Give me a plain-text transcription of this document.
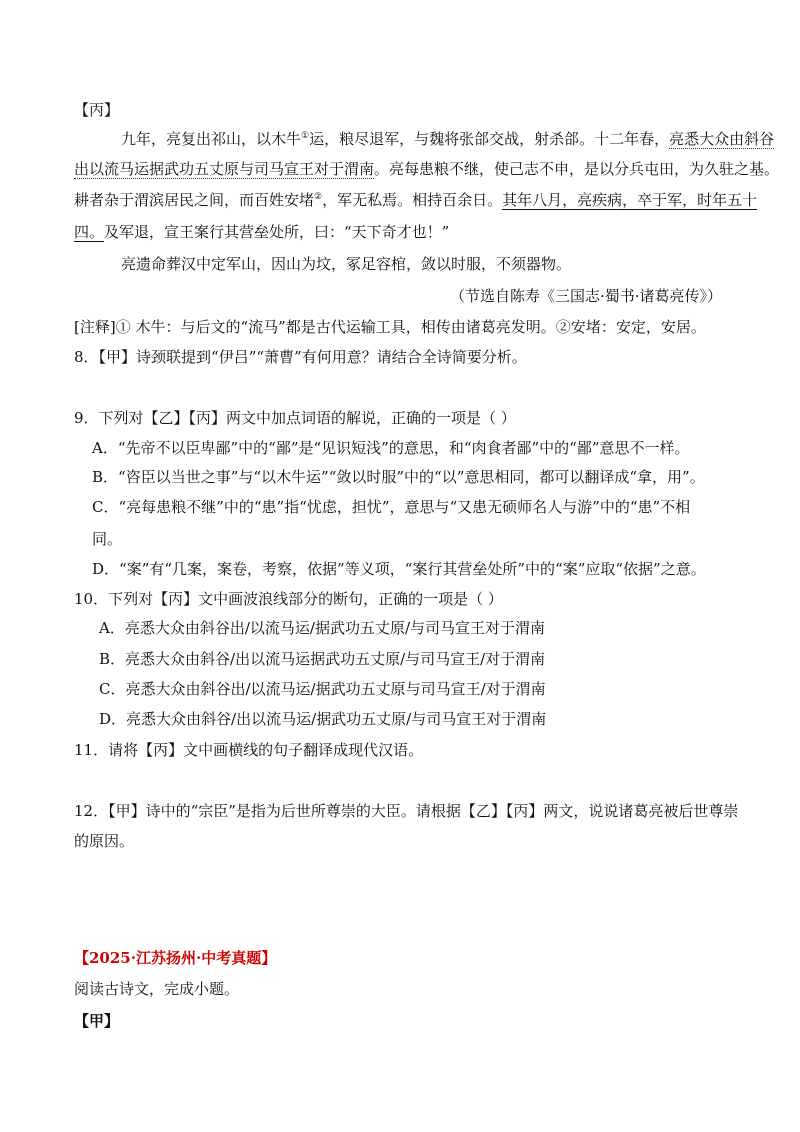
【丙】
九年，亮复出祁山，以木牛①运，粮尽退军，与魏将张郃交战，射杀郃。十二年春，亮悉大众由斜谷
出以流马运据武功五丈原与司马宣王对于渭南。亮每患粮不继，使己志不申，是以分兵屯田，为久驻之基。
耕者杂于渭滨居民之间，而百姓安堵②，军无私焉。相持百余日。其年八月，亮疾病，卒于军，时年五十
四。及军退，宣王案行其营垒处所，曰：“天下奇才也！”
亮遗命葬汉中定军山，因山为坟，冢足容棺，敛以时服，不须器物。
（节选自陈寿《三国志·蜀书·诸葛亮传》）
[注释]① 木牛：与后文的“流马”都是古代运输工具，相传由诸葛亮发明。②安堵：安定，安居。
8．【甲】诗颈联提到“伊吕”“萧曹”有何用意？请结合全诗简要分析。
9．下列对【乙】【丙】两文中加点词语的解说，正确的一项是（ ）
A．“先帝不以臣卑鄙”中的“鄙”是“见识短浅”的意思，和“肉食者鄙”中的“鄙”意思不一样。
B．“咨臣以当世之事”与“以木牛运”“敛以时服”中的“以”意思相同，都可以翻译成“拿，用”。
C．“亮每患粮不继”中的“患”指“忧虑，担忧”，意思与“又患无硕师名人与游”中的“患”不相
同。
D．“案”有“几案，案卷，考察，依据”等义项，“案行其营垒处所”中的“案”应取“依据”之意。
10．下列对【丙】文中画波浪线部分的断句，正确的一项是（ ）
A．亮悉大众由斜谷出/以流马运/据武功五丈原/与司马宣王对于渭南
B．亮悉大众由斜谷/出以流马运据武功五丈原/与司马宣王/对于渭南
C．亮悉大众由斜谷出/以流马运/据武功五丈原与司马宣王/对于渭南
D．亮悉大众由斜谷/出以流马运/据武功五丈原/与司马宣王对于渭南
11．请将【丙】文中画横线的句子翻译成现代汉语。
12．【甲】诗中的“宗臣”是指为后世所尊崇的大臣。请根据【乙】【丙】两文，说说诸葛亮被后世尊崇
的原因。
【2025·江苏扬州·中考真题】
阅读古诗文，完成小题。
【甲】
